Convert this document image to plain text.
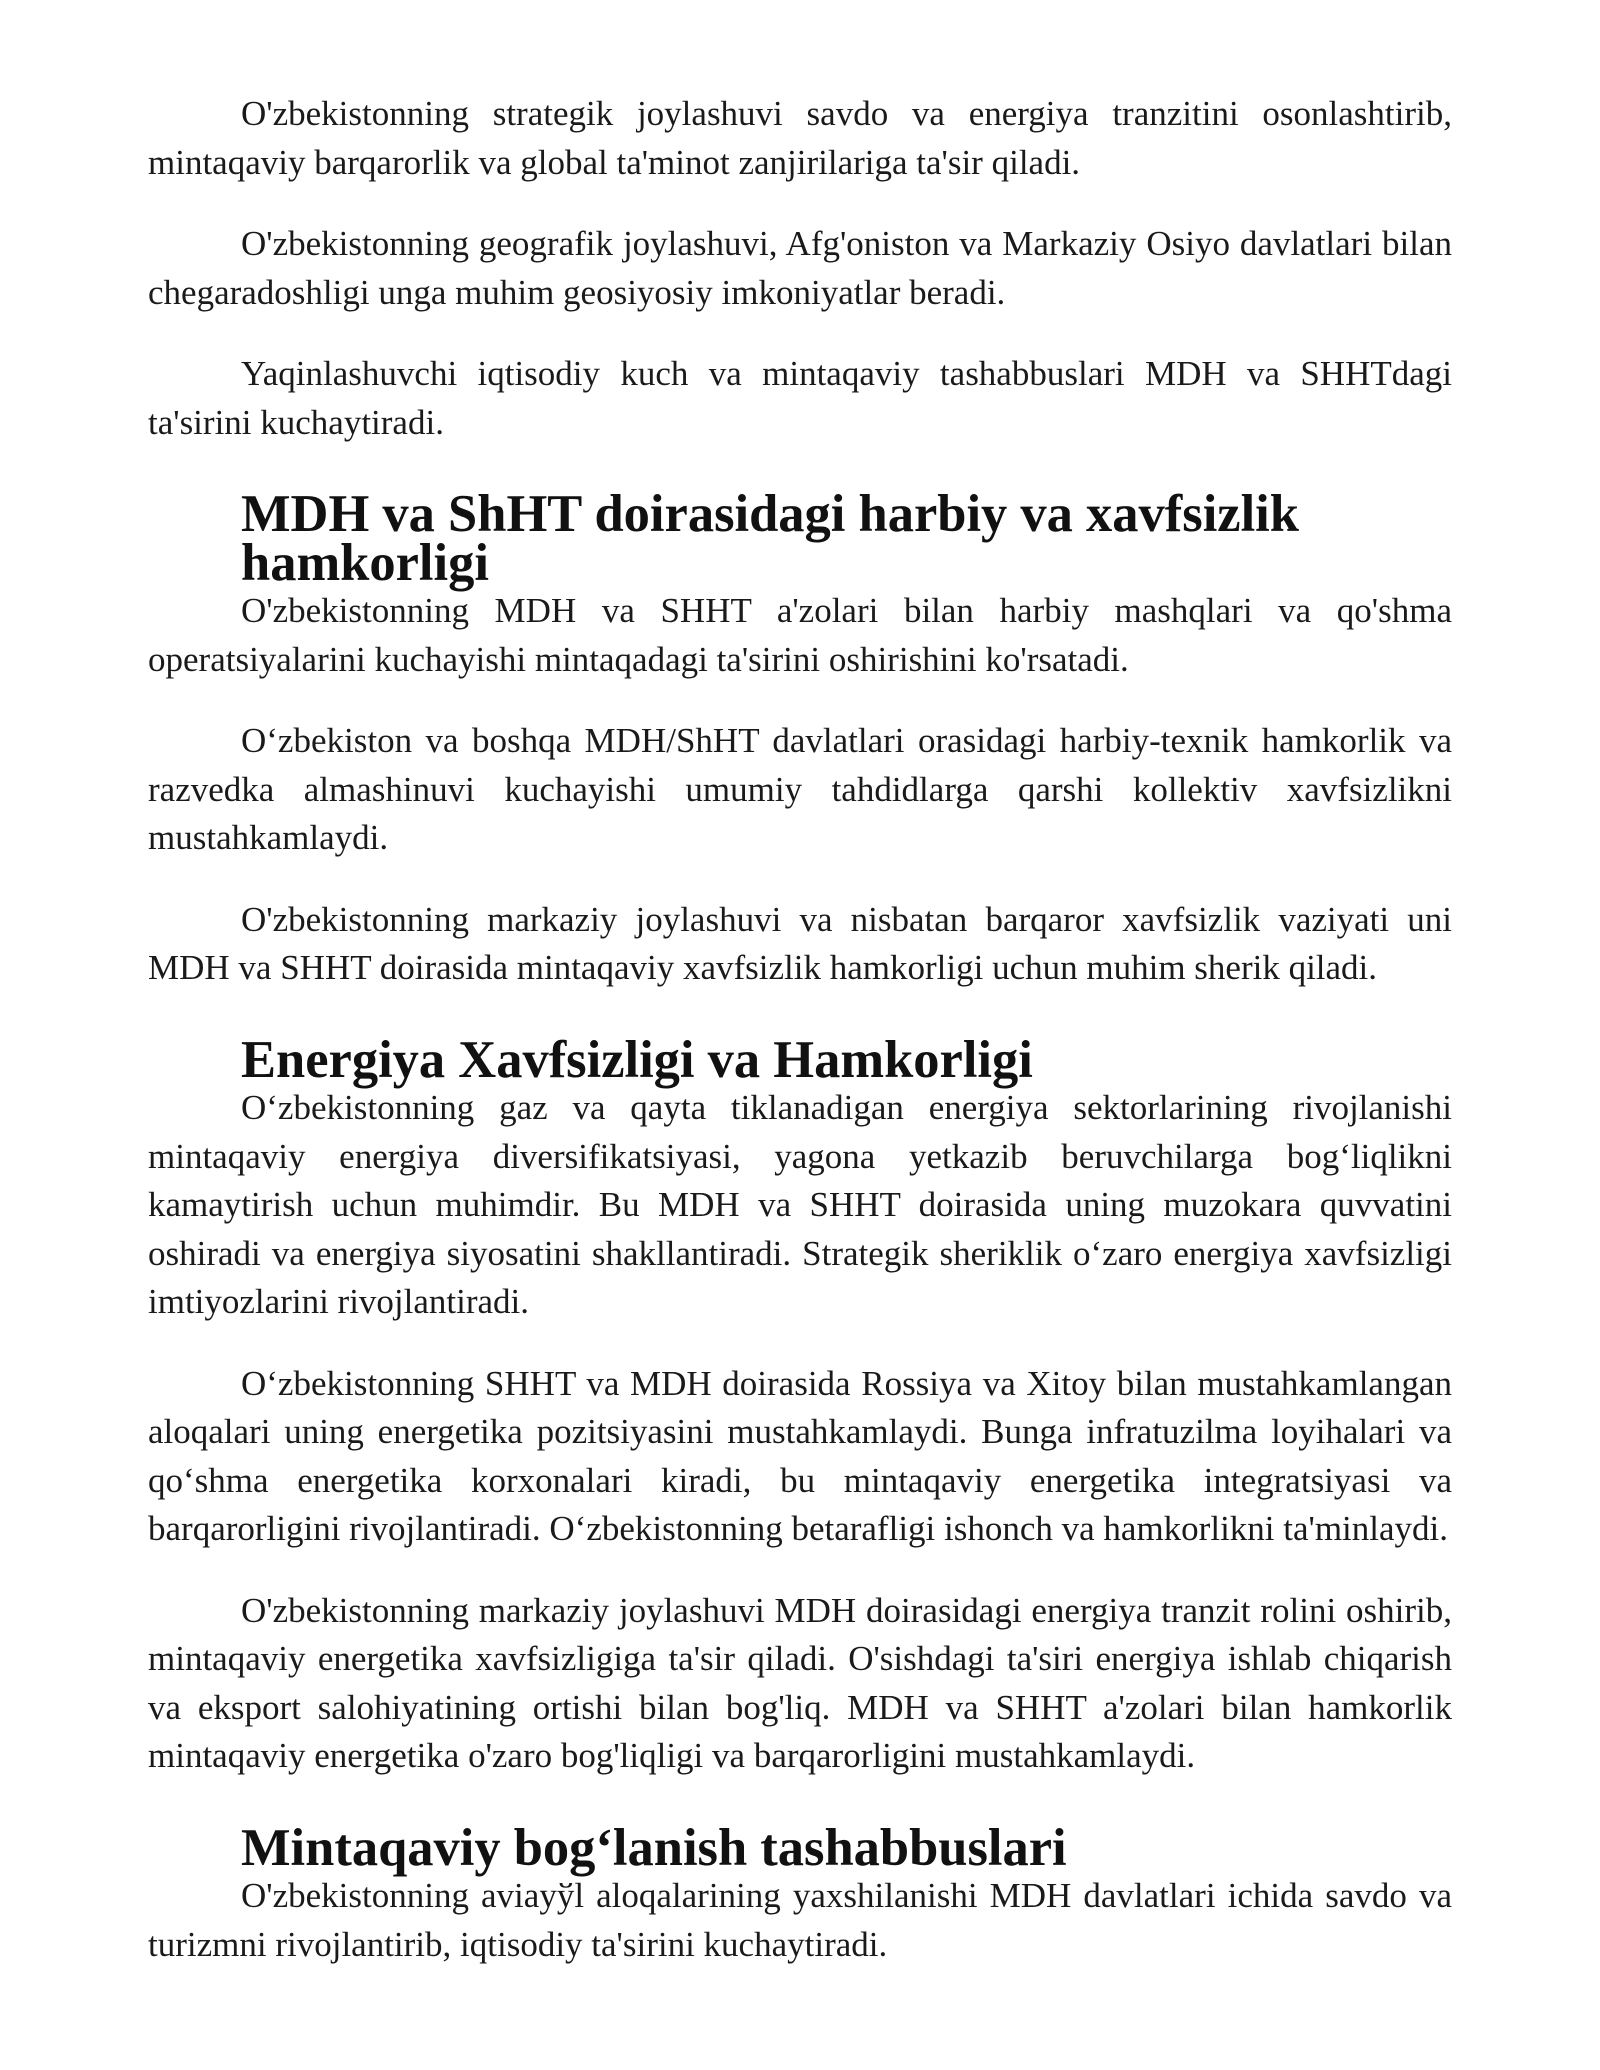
O'zbekistonning strategik joylashuvi savdo va energiya tranzitini osonlashtirib, mintaqaviy barqarorlik va global ta'minot zanjirilariga ta'sir qiladi.

O'zbekistonning geografik joylashuvi, Afg'oniston va Markaziy Osiyo davlatlari bilan chegaradoshligi unga muhim geosiyosiy imkoniyatlar beradi.

Yaqinlashuvchi iqtisodiy kuch va mintaqaviy tashabbuslari MDH va SHHTdagi ta'sirini kuchaytiradi.

MDH va ShHT doirasidagi harbiy va xavfsizlik hamkorligi

O'zbekistonning MDH va SHHT a'zolari bilan harbiy mashqlari va qo'shma operatsiyalarini kuchayishi mintaqadagi ta'sirini oshirishini ko'rsatadi.

O‘zbekiston va boshqa MDH/ShHT davlatlari orasidagi harbiy-texnik hamkorlik va razvedka almashinuvi kuchayishi umumiy tahdidlarga qarshi kollektiv xavfsizlikni mustahkamlaydi.

O'zbekistonning markaziy joylashuvi va nisbatan barqaror xavfsizlik vaziyati uni MDH va SHHT doirasida mintaqaviy xavfsizlik hamkorligi uchun muhim sherik qiladi.

Energiya Xavfsizligi va Hamkorligi

O‘zbekistonning gaz va qayta tiklanadigan energiya sektorlarining rivojlanishi mintaqaviy energiya diversifikatsiyasi, yagona yetkazib beruvchilarga bog‘liqlikni kamaytirish uchun muhimdir. Bu MDH va SHHT doirasida uning muzokara quvvatini oshiradi va energiya siyosatini shakllantiradi. Strategik sheriklik o‘zaro energiya xavfsizligi imtiyozlarini rivojlantiradi.

O‘zbekistonning SHHT va MDH doirasida Rossiya va Xitoy bilan mustahkamlangan aloqalari uning energetika pozitsiyasini mustahkamlaydi. Bunga infratuzilma loyihalari va qo‘shma energetika korxonalari kiradi, bu mintaqaviy energetika integratsiyasi va barqarorligini rivojlantiradi. O‘zbekistonning betarafligi ishonch va hamkorlikni ta'minlaydi.

O'zbekistonning markaziy joylashuvi MDH doirasidagi energiya tranzit rolini oshirib, mintaqaviy energetika xavfsizligiga ta'sir qiladi. O'sishdagi ta'siri energiya ishlab chiqarish va eksport salohiyatining ortishi bilan bog'liq. MDH va SHHT a'zolari bilan hamkorlik mintaqaviy energetika o'zaro bog'liqligi va barqarorligini mustahkamlaydi.

Mintaqaviy bog‘lanish tashabbuslari

O'zbekistonning aviayўl aloqalarining yaxshilanishi MDH davlatlari ichida savdo va turizmni rivojlantirib, iqtisodiy ta'sirini kuchaytiradi.
